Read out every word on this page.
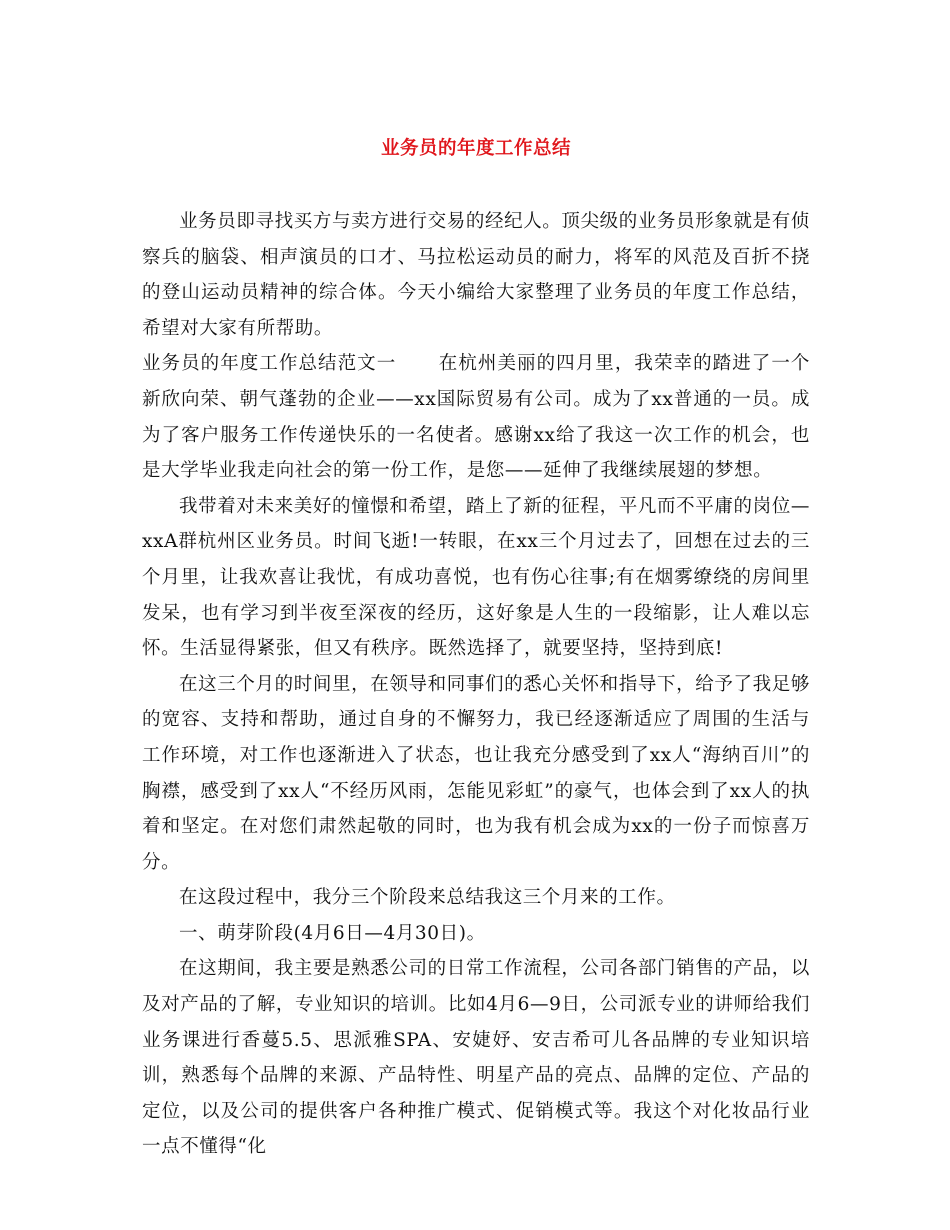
业务员的年度工作总结

业务员即寻找买方与卖方进行交易的经纪人。顶尖级的业务员形象就是有侦察兵的脑袋、相声演员的口才、马拉松运动员的耐力，将军的风范及百折不挠的登山运动员精神的综合体。今天小编给大家整理了业务员的年度工作总结，希望对大家有所帮助。

业务员的年度工作总结范文一 在杭州美丽的四月里，我荣幸的踏进了一个新欣向荣、朝气蓬勃的企业——xx国际贸易有公司。成为了xx普通的一员。成为了客户服务工作传递快乐的一名使者。感谢xx给了我这一次工作的机会，也是大学毕业我走向社会的第一份工作，是您——延伸了我继续展翅的梦想。

我带着对未来美好的憧憬和希望，踏上了新的征程，平凡而不平庸的岗位—xxA群杭州区业务员。时间飞逝!一转眼，在xx三个月过去了，回想在过去的三个月里，让我欢喜让我忧，有成功喜悦，也有伤心往事;有在烟雾缭绕的房间里发呆，也有学习到半夜至深夜的经历，这好象是人生的一段缩影，让人难以忘怀。生活显得紧张，但又有秩序。既然选择了，就要坚持，坚持到底!

在这三个月的时间里，在领导和同事们的悉心关怀和指导下，给予了我足够的宽容、支持和帮助，通过自身的不懈努力，我已经逐渐适应了周围的生活与工作环境，对工作也逐渐进入了状态，也让我充分感受到了xx人“海纳百川”的胸襟，感受到了xx人“不经历风雨，怎能见彩虹”的豪气，也体会到了xx人的执着和坚定。在对您们肃然起敬的同时，也为我有机会成为xx的一份子而惊喜万分。

在这段过程中，我分三个阶段来总结我这三个月来的工作。

一、萌芽阶段(4月6日—4月30日)。

在这期间，我主要是熟悉公司的日常工作流程，公司各部门销售的产品，以及对产品的了解，专业知识的培训。比如4月6—9日，公司派专业的讲师给我们业务课进行香蔓5.5、思派雅SPA、安婕妤、安吉希可儿各品牌的专业知识培训，熟悉每个品牌的来源、产品特性、明星产品的亮点、品牌的定位、产品的定位，以及公司的提供客户各种推广模式、促销模式等。我这个对化妆品行业一点不懂得“化
